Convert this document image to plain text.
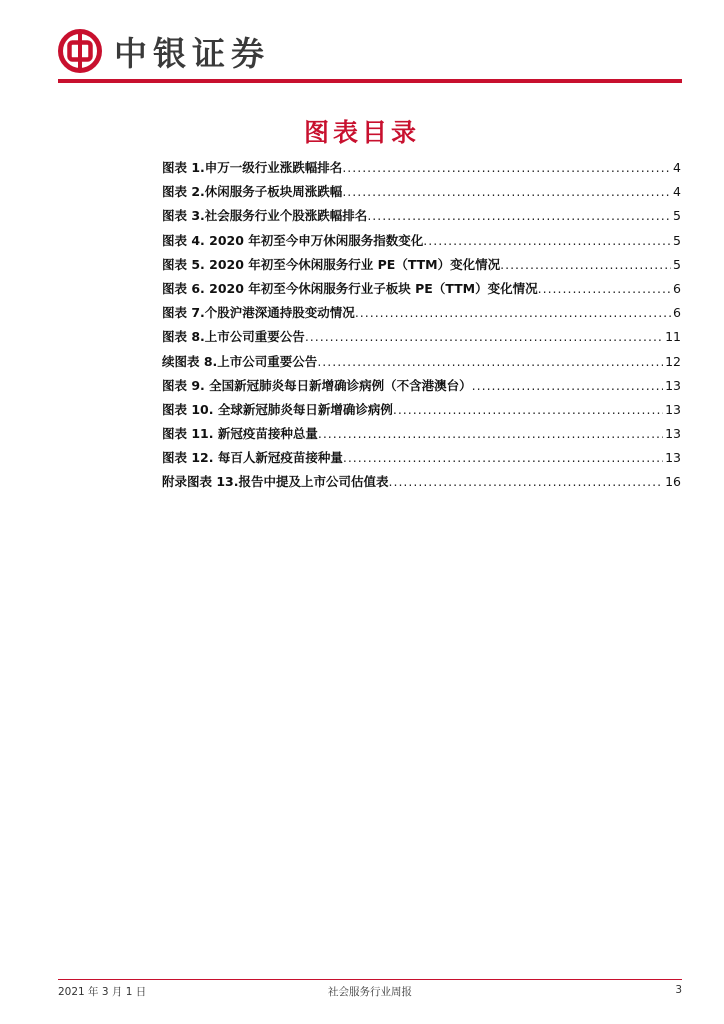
中银证券
图表目录
图表 1.申万一级行业涨跌幅排名 .....	4
图表 2.休闲服务子板块周涨跌幅 .....	4
图表 3.社会服务行业个股涨跌幅排名 .....	5
图表 4. 2020 年初至今申万休闲服务指数变化 .....	5
图表 5. 2020 年初至今休闲服务行业 PE（TTM）变化情况 .....	5
图表 6. 2020 年初至今休闲服务行业子板块 PE（TTM）变化情况 .....	6
图表 7.个股沪港深通持股变动情况 .....	6
图表 8.上市公司重要公告 .....	11
续图表 8.上市公司重要公告 .....	12
图表 9. 全国新冠肺炎每日新增确诊病例（不含港澳台） .....	13
图表 10. 全球新冠肺炎每日新增确诊病例 .....	13
图表 11. 新冠疫苗接种总量 .....	13
图表 12. 每百人新冠疫苗接种量 .....	13
附录图表 13.报告中提及上市公司估值表 .....	16
2021 年 3 月 1 日	社会服务行业周报	3
